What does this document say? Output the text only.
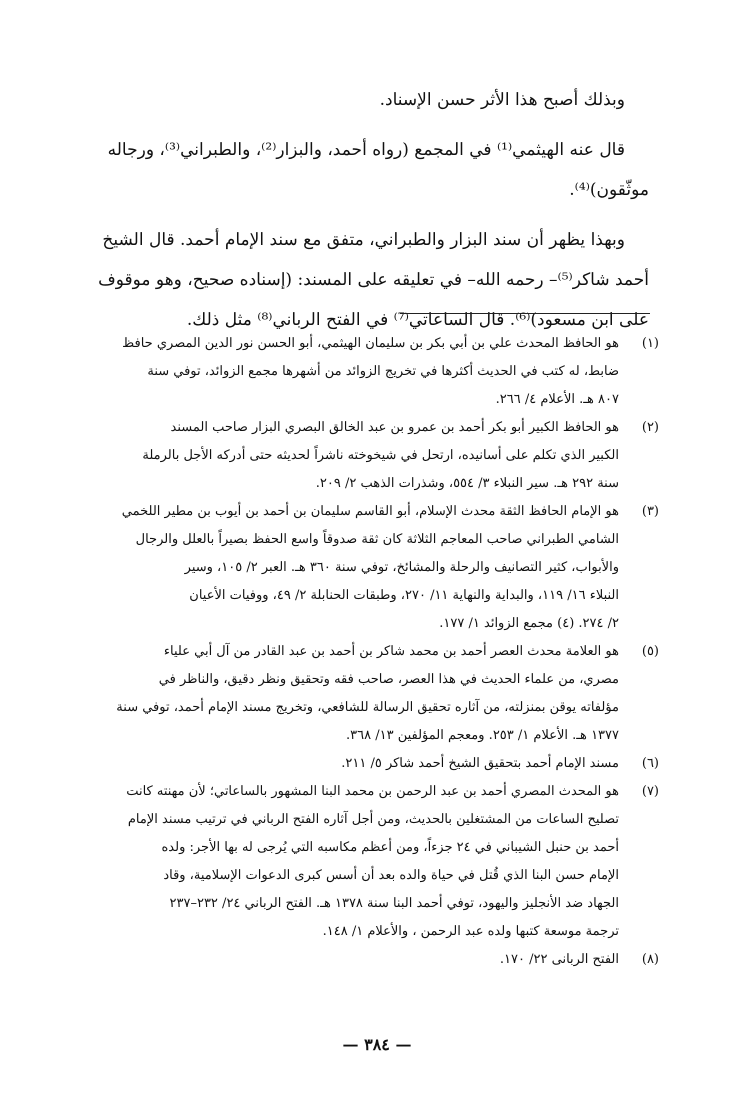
وبذلك أصبح هذا الأثر حسن الإسناد.
قال عنه الهيثمي⁽¹⁾ في المجمع (رواه أحمد، والبزار⁽²⁾، والطبراني⁽³⁾، ورجاله
موثّقون)⁽⁴⁾.
وبهذا يظهر أن سند البزار والطبراني، متفق مع سند الإمام أحمد. قال الشيخ
أحمد شاكر⁽⁵⁾– رحمه الله– في تعليقه على المسند: (إسناده صحيح، وهو موقوف
على ابن مسعود)⁽⁶⁾. قال الساعاتي⁽⁷⁾ في الفتح الرباني⁽⁸⁾ مثل ذلك.
(١)
هو الحافظ المحدث علي بن أبي بكر بن سليمان الهيثمي، أبو الحسن نور الدين المصري حافظ
ضابط، له كتب في الحديث أكثرها في تخريج الزوائد من أشهرها مجمع الزوائد، توفي سنة
٨٠٧ هـ. الأعلام ٤/ ٢٦٦.
(٢)
هو الحافظ الكبير أبو بكر أحمد بن عمرو بن عبد الخالق البصري البزار صاحب المسند
الكبير الذي تكلم على أسانيده، ارتحل في شيخوخته ناشراً لحديثه حتى أدركه الأجل بالرملة
سنة ٢٩٢ هـ. سير النبلاء ٣/ ٥٥٤، وشذرات الذهب ٢/ ٢٠٩.
(٣)
هو الإمام الحافظ الثقة محدث الإسلام، أبو القاسم سليمان بن أحمد بن أيوب بن مطير اللخمي
الشامي الطبراني صاحب المعاجم الثلاثة كان ثقة صدوقاً واسع الحفظ بصيراً بالعلل والرجال
والأبواب، كثير التصانيف والرحلة والمشائخ، توفي سنة ٣٦٠ هـ. العبر ٢/ ١٠٥، وسير
النبلاء ١٦/ ١١٩، والبداية والنهاية ١١/ ٢٧٠، وطبقات الحنابلة ٢/ ٤٩، ووفيات الأعيان
٢/ ٢٧٤. (٤) مجمع الزوائد ١/ ١٧٧.
(٥)
هو العلامة محدث العصر أحمد بن محمد شاكر بن أحمد بن عبد القادر من آل أبي علياء
مصري، من علماء الحديث في هذا العصر، صاحب فقه وتحقيق ونظر دقيق، والناظر في
مؤلفاته يوقن بمنزلته، من آثاره تحقيق الرسالة للشافعي، وتخريج مسند الإمام أحمد، توفي سنة
١٣٧٧ هـ. الأعلام ١/ ٢٥٣. ومعجم المؤلفين ١٣/ ٣٦٨.
(٦)
مسند الإمام أحمد بتحقيق الشيخ أحمد شاكر ٥/ ٢١١.
(٧)
هو المحدث المصري أحمد بن عبد الرحمن بن محمد البنا المشهور بالساعاتي؛ لأن مهنته كانت
تصليح الساعات من المشتغلين بالحديث، ومن أجل آثاره الفتح الرباني في ترتيب مسند الإمام
أحمد بن حنبل الشيباني في ٢٤ جزءاً، ومن أعظم مكاسبه التي يُرجى له بها الأجر: ولده
الإمام حسن البنا الذي قُتل في حياة والده بعد أن أسس كبرى الدعوات الإسلامية، وقاد
الجهاد ضد الأنجليز واليهود، توفي أحمد البنا سنة ١٣٧٨ هـ. الفتح الرباني ٢٤/ ٢٣٢–٢٣٧
ترجمة موسعة كتبها ولده عبد الرحمن ، والأعلام ١/ ١٤٨.
(٨)
الفتح الربانى ٢٢/ ١٧٠.
— ٣٨٤ —
